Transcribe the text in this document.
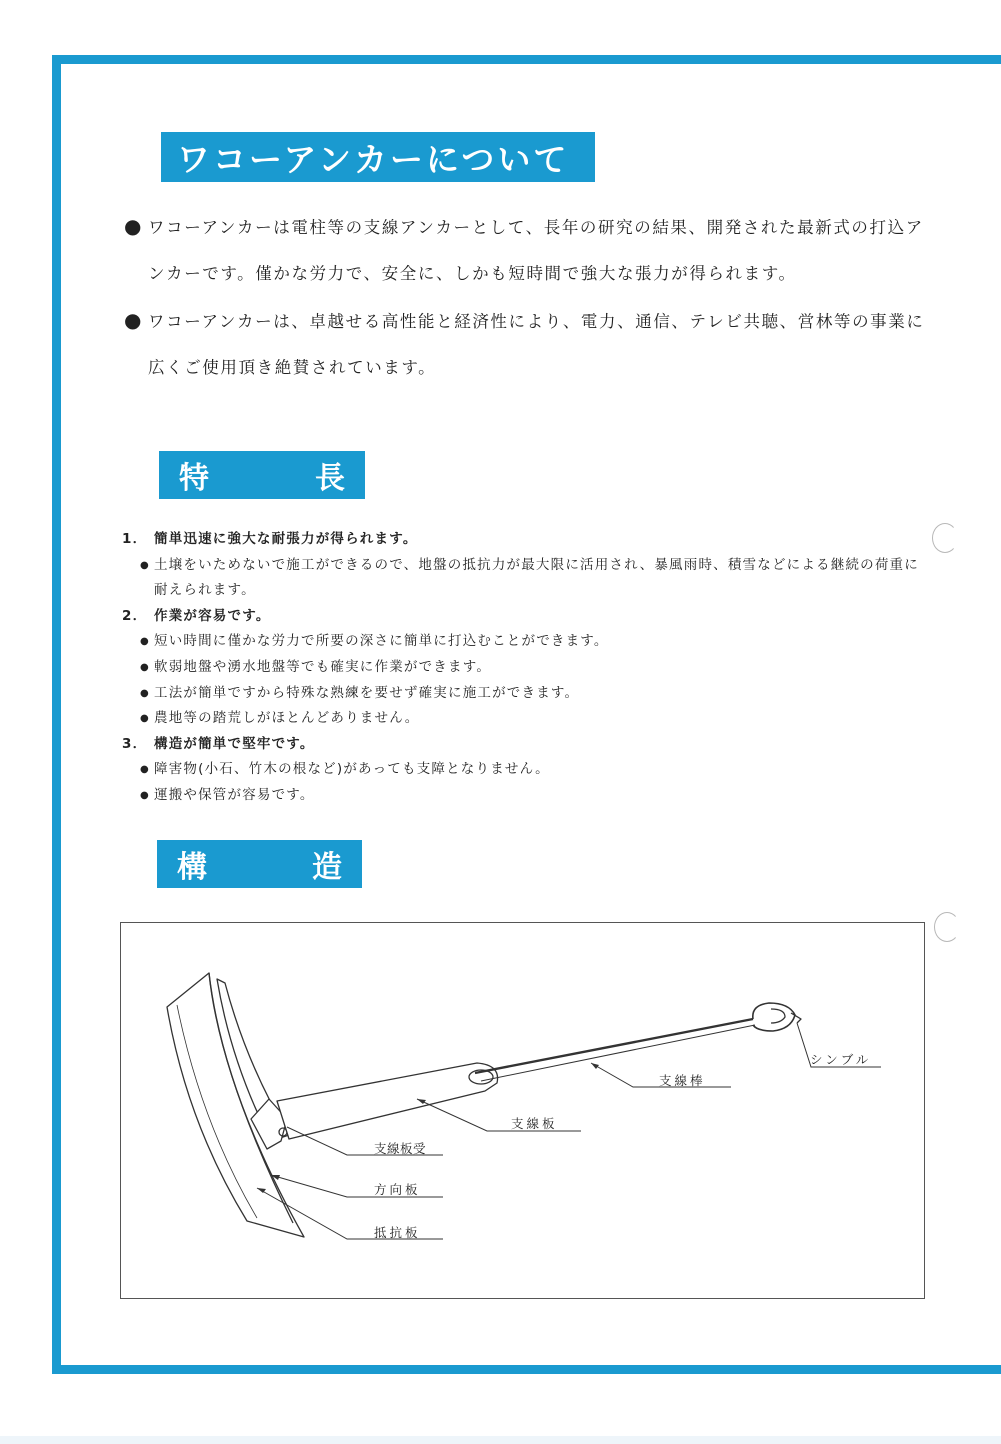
ワコーアンカーについて

● ワコーアンカーは電柱等の支線アンカーとして、長年の研究の結果、開発された最新式の打込アンカーです。僅かな労力で、安全に、しかも短時間で強大な張力が得られます。

● ワコーアンカーは、卓越せる高性能と経済性により、電力、通信、テレビ共聴、営林等の事業に広くご使用頂き絶賛されています。

特	長
1． 簡単迅速に強大な耐張力が得られます。
● 土壌をいためないで施工ができるので、地盤の抵抗力が最大限に活用され、暴風雨時、積雪などによる継続の荷重に耐えられます。
2． 作業が容易です。
● 短い時間に僅かな労力で所要の深さに簡単に打込むことができます。
● 軟弱地盤や湧水地盤等でも確実に作業ができます。
● 工法が簡単ですから特殊な熟練を要せず確実に施工ができます。
● 農地等の踏荒しがほとんどありません。
3． 構造が簡単で堅牢です。
● 障害物(小石、竹木の根など)があっても支障となりません。
● 運搬や保管が容易です。
構	造
シンブル
支線棒
支線板
支線板受
方向板
抵抗板
